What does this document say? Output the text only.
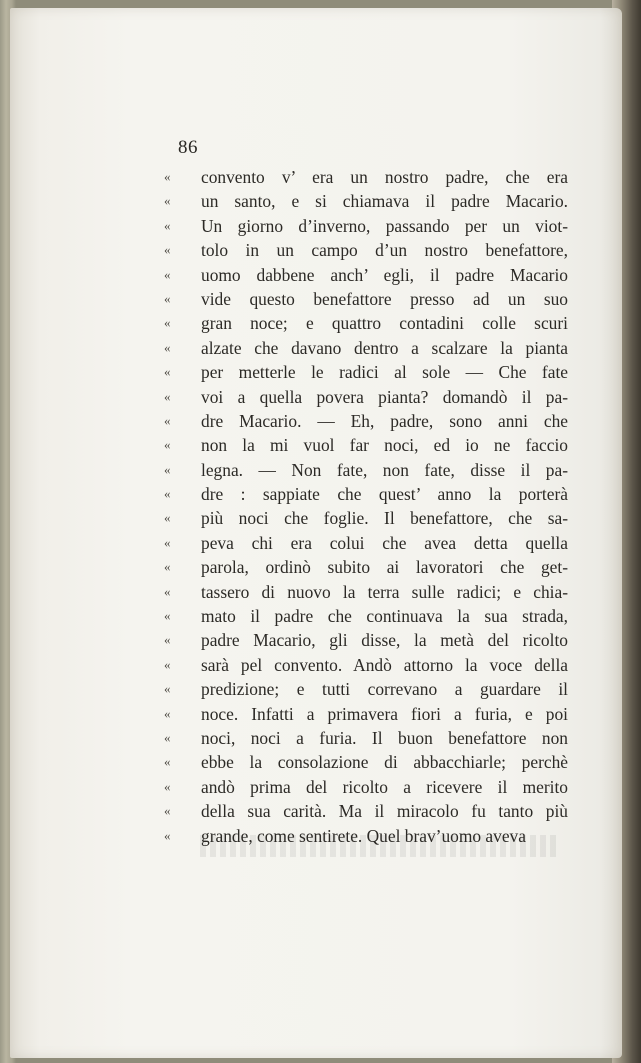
86
«	convento v’ era un nostro padre, che era
«	un santo, e si chiamava il padre Macario.
«	Un giorno d’inverno, passando per un viot-
«	tolo in un campo d’un nostro benefattore,
«	uomo dabbene anch’ egli, il padre Macario
«	vide questo benefattore presso ad un suo
«	gran noce; e quattro contadini colle scuri
«	alzate che davano dentro a scalzare la pianta
«	per metterle le radici al sole — Che fate
«	voi a quella povera pianta? domandò il pa-
«	dre Macario. — Eh, padre, sono anni che
«	non la mi vuol far noci, ed io ne faccio
«	legna. — Non fate, non fate, disse il pa-
«	dre : sappiate che quest’ anno la porterà
«	più noci che foglie. Il benefattore, che sa-
«	peva chi era colui che avea detta quella
«	parola, ordinò subito ai lavoratori che get-
«	tassero di nuovo la terra sulle radici; e chia-
«	mato il padre che continuava la sua strada,
«	padre Macario, gli disse, la metà del ricolto
«	sarà pel convento. Andò attorno la voce della
«	predizione; e tutti correvano a guardare il
«	noce. Infatti a primavera fiori a furia, e poi
«	noci, noci a furia. Il buon benefattore non
«	ebbe la consolazione di abbacchiarle; perchè
«	andò prima del ricolto a ricevere il merito
«	della sua carità. Ma il miracolo fu tanto più
«	grande, come sentirete. Quel brav’uomo aveva
